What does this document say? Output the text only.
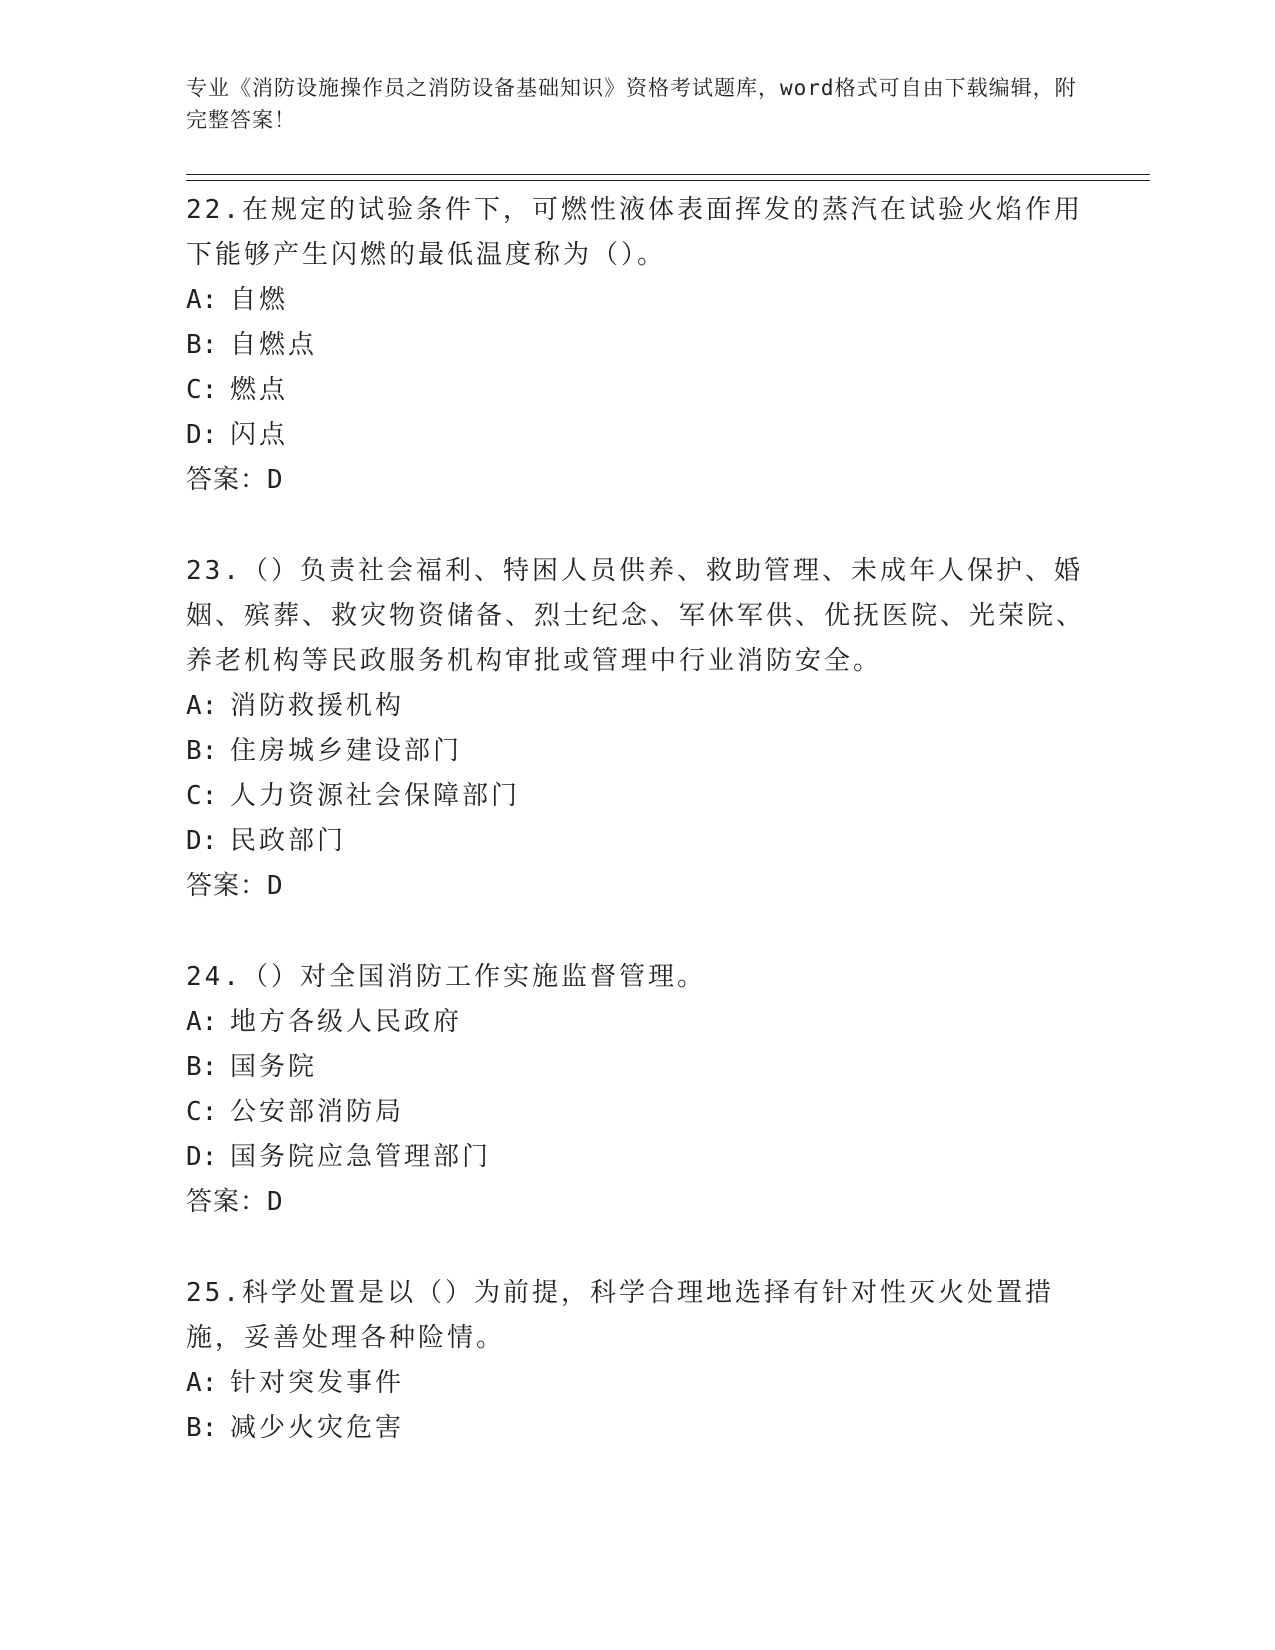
专业《消防设施操作员之消防设备基础知识》资格考试题库，word格式可自由下载编辑，附完整答案！

22.在规定的试验条件下，可燃性液体表面挥发的蒸汽在试验火焰作用下能够产生闪燃的最低温度称为（）。

A: 自燃

B: 自燃点

C: 燃点

D: 闪点

答案：D

23.（）负责社会福利、特困人员供养、救助管理、未成年人保护、婚姻、殡葬、救灾物资储备、烈士纪念、军休军供、优抚医院、光荣院、养老机构等民政服务机构审批或管理中行业消防安全。

A: 消防救援机构

B: 住房城乡建设部门

C: 人力资源社会保障部门

D: 民政部门

答案：D

24.（）对全国消防工作实施监督管理。

A: 地方各级人民政府

B: 国务院

C: 公安部消防局

D: 国务院应急管理部门

答案：D

25.科学处置是以（）为前提，科学合理地选择有针对性灭火处置措施，妥善处理各种险情。

A: 针对突发事件

B: 减少火灾危害
